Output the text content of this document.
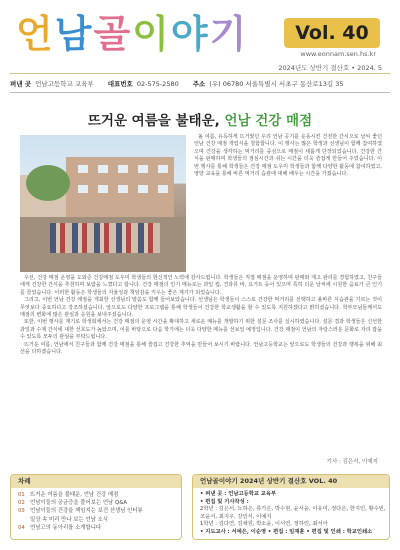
언남골이야기	Vol. 40
www.eonnam.sen.hs.kr
2024년도 상반기 결산호 • 2024. 5
펴낸 곳 언남고등학교 교육부 대표번호 02-575-2580 주소 (우) 06780 서울특별시 서초구 동산로13길 35
뜨거운 여름을 불태운, 언남 건강 매점

올 여름, 유독하게 뜨거웠던 우리 언남 공기를 운동시킨 건전한 간식으로 날씨 좋던 언남 건강 매점 개업식을 청함합니다. 이 행사는 많은 학생과 선생님이 함께 참여하였으며 건강을 생각하는 먹거리를 중심으로 매점이 새롭게 단장되었습니다. 건강한 간식을 판매하며 학생들의 점심시간과 쉬는 시간을 더욱 즐겁게 만들어 주었습니다. 이번 행사를 통해 학생들은 건강 매점 도우미 학생들과 함께 다양한 활동에 참여하였고, 영양 교육을 통해 바른 먹거리 습관에 대해 배우는 시간을 가졌습니다.

우선, 건강 매점 운영을 도와준 건강매점 도우미 학생들의 헌신적인 노력에 감사드립니다. 학생들은 직접 매점을 운영하며 판매와 재고 관리를 경험하였고, 친구들에게 건강한 간식을 추천하며 보람을 느꼈다고 합니다. 건강 매점의 인기 메뉴로는 과일 컵, 견과류 바, 요거트 등이 있으며 특히 더운 날씨에 시원한 음료가 큰 인기를 끌었습니다. 이러한 활동은 학생들의 자율성과 책임감을 키우는 좋은 계기가 되었습니다.

그리고, 이번 언남 건강 매점을 개최한 선생님의 말씀도 함께 들어보았습니다. 선생님은 학생들이 스스로 건강한 먹거리를 선택하고 올바른 식습관을 기르는 것이 무엇보다 중요하다고 강조하셨습니다. 앞으로도 다양한 프로그램을 통해 학생들이 건강한 학교생활을 할 수 있도록 지원하겠다고 밝히셨습니다. 학부모님들께서도 매점의 변화에 많은 관심과 응원을 보내주셨습니다.

또한, 이번 행사를 계기로 학생회에서는 건강 매점의 운영 시간을 확대하고 새로운 메뉴를 개발하기 위한 설문 조사를 실시하였습니다. 설문 결과 학생들은 신선한 과일과 수제 간식에 대한 선호도가 높았으며, 이를 바탕으로 다음 학기에는 더욱 다양한 메뉴를 선보일 예정입니다. 건강 매점이 언남의 자랑스러운 문화로 자리 잡을 수 있도록 모두의 관심을 부탁드립니다.

뜨거운 여름, 언남에서 친구들과 함께 건강 매점을 통해 즐겁고 건강한 추억을 만들어 보시기 바랍니다. 언남고등학교는 앞으로도 학생들의 건강과 행복을 위해 최선을 다하겠습니다.

기사 : 김은서, 이예지
차례
01 뜨거운 여름을 불태운, 언남 건강 매점
02 언남이들의 궁금증을 풀어보는 언남 Q&A
03 언남이들의 건강을 책임지는 보건 선생님 인터뷰
일상 속 미리 만나 보는 언남 소식
04 언남고의 동아리를 소개합니다
언남골이야기 2024년 상반기 결산호 VOL. 40
• 펴낸 곳 : 언남고등학교 교육부
• 편집 및 기사작성 :
2학년 : 김은서, 노하은, 류가은, 박수현, 윤서윤, 이유미, 정다은, 한지민, 황수빈, 조윤서, 최지우, 강민서, 이예지
1학년 : 김다연, 김채원, 박소윤, 이서연, 정하린, 최서아
• 지도교사 : 서예은, 이순영 • 편집 : 임재훈 • 편집 및 인쇄 : 학교인쇄소
